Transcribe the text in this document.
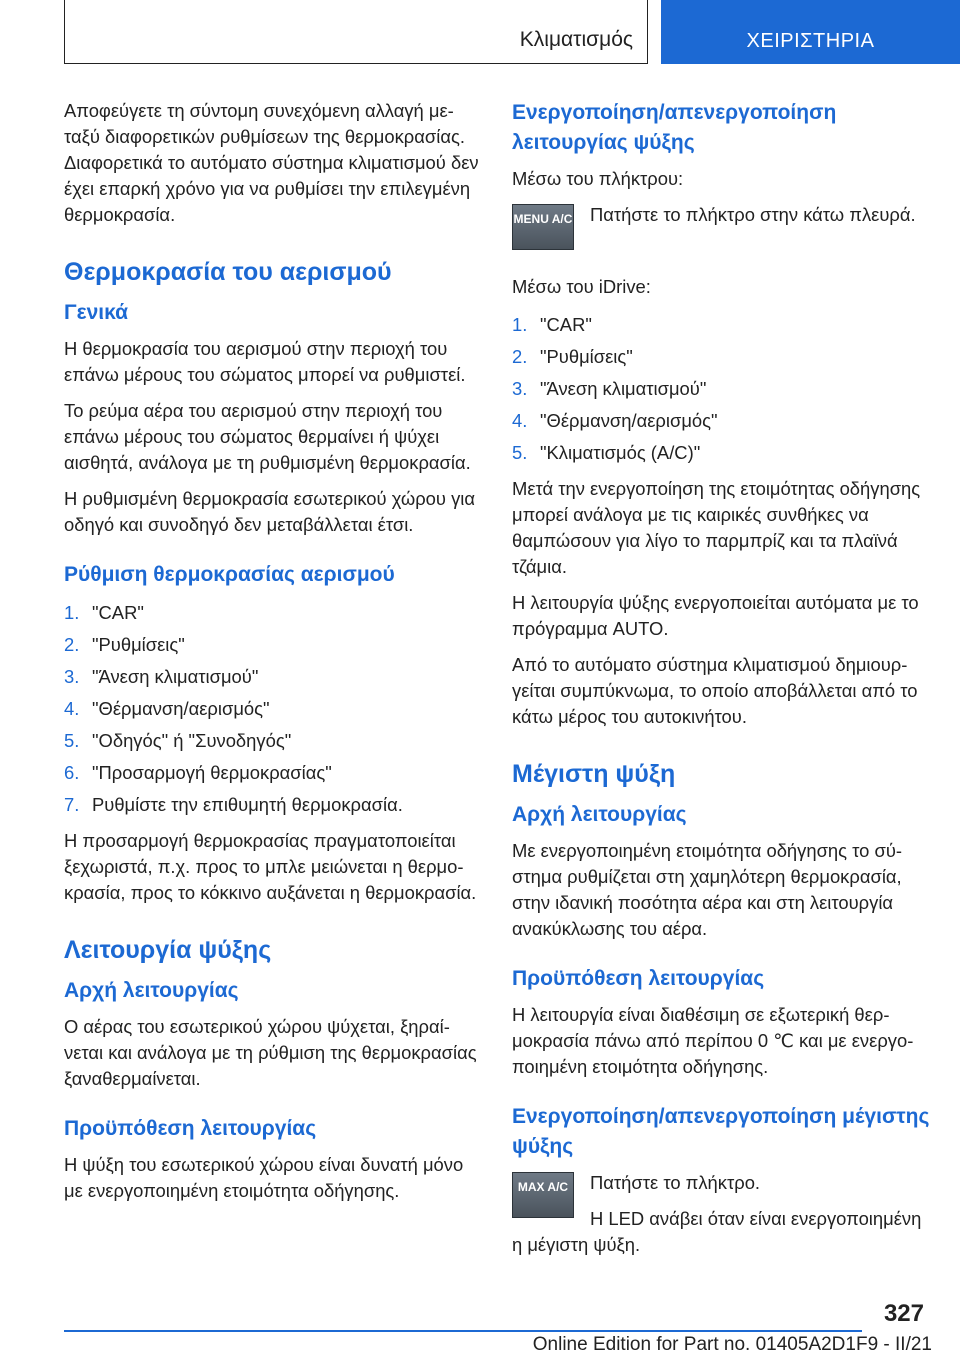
Κλιματισμός	ΧΕΙΡΙΣΤΗΡΙΑ

Αποφεύγετε τη σύντομη συνεχόμενη αλλαγή μεταξύ διαφορετικών ρυθμίσεων της θερμοκρασίας. Διαφορετικά το αυτόματο σύστημα κλιματισμού δεν έχει επαρκή χρόνο για να ρυθμίσει την επιλεγμένη θερμοκρασία.

Θερμοκρασία του αερισμού
Γενικά

Η θερμοκρασία του αερισμού στην περιοχή του επάνω μέρους του σώματος μπορεί να ρυθμιστεί.

Το ρεύμα αέρα του αερισμού στην περιοχή του επάνω μέρους του σώματος θερμαίνει ή ψύχει αισθητά, ανάλογα με τη ρυθμισμένη θερμοκρασία.

Η ρυθμισμένη θερμοκρασία εσωτερικού χώρου για οδηγό και συνοδηγό δεν μεταβάλλεται έτσι.

Ρύθμιση θερμοκρασίας αερισμού
1. "CAR"
2. "Ρυθμίσεις"
3. "Άνεση κλιματισμού"
4. "Θέρμανση/αερισμός"
5. "Οδηγός" ή "Συνοδηγός"
6. "Προσαρμογή θερμοκρασίας"
7. Ρυθμίστε την επιθυμητή θερμοκρασία.

Η προσαρμογή θερμοκρασίας πραγματοποιείται ξεχωριστά, π.χ. προς το μπλε μειώνεται η θερμοκρασία, προς το κόκκινο αυξάνεται η θερμοκρασία.

Λειτουργία ψύξης
Αρχή λειτουργίας

Ο αέρας του εσωτερικού χώρου ψύχεται, ξηραίνεται και ανάλογα με τη ρύθμιση της θερμοκρασίας ξαναθερμαίνεται.

Προϋπόθεση λειτουργίας

Η ψύξη του εσωτερικού χώρου είναι δυνατή μόνο με ενεργοποιημένη ετοιμότητα οδήγησης.

Ενεργοποίηση/απενεργοποίηση λειτουργίας ψύξης

Μέσω του πλήκτρου:

MENU A/C Πατήστε το πλήκτρο στην κάτω πλευρά.

Μέσω του iDrive:

1. "CAR"
2. "Ρυθμίσεις"
3. "Άνεση κλιματισμού"
4. "Θέρμανση/αερισμός"
5. "Κλιματισμός (A/C)"

Μετά την ενεργοποίηση της ετοιμότητας οδήγησης μπορεί ανάλογα με τις καιρικές συνθήκες να θαμπώσουν για λίγο το παρμπρίζ και τα πλαϊνά τζάμια.

Η λειτουργία ψύξης ενεργοποιείται αυτόματα με το πρόγραμμα AUTO.

Από το αυτόματο σύστημα κλιματισμού δημιουργείται συμπύκνωμα, το οποίο αποβάλλεται από το κάτω μέρος του αυτοκινήτου.

Μέγιστη ψύξη
Αρχή λειτουργίας

Με ενεργοποιημένη ετοιμότητα οδήγησης το σύστημα ρυθμίζεται στη χαμηλότερη θερμοκρασία, στην ιδανική ποσότητα αέρα και στη λειτουργία ανακύκλωσης του αέρα.

Προϋπόθεση λειτουργίας

Η λειτουργία είναι διαθέσιμη σε εξωτερική θερμοκρασία πάνω από περίπου 0 ℃ και με ενεργοποιημένη ετοιμότητα οδήγησης.

Ενεργοποίηση/απενεργοποίηση μέγιστης ψύξης
MAX A/C	Πατήστε το πλήκτρο.

Η LED ανάβει όταν είναι ενεργοποιημένη η μέγιστη ψύξη.

327
Online Edition for Part no. 01405A2D1F9 - II/21
